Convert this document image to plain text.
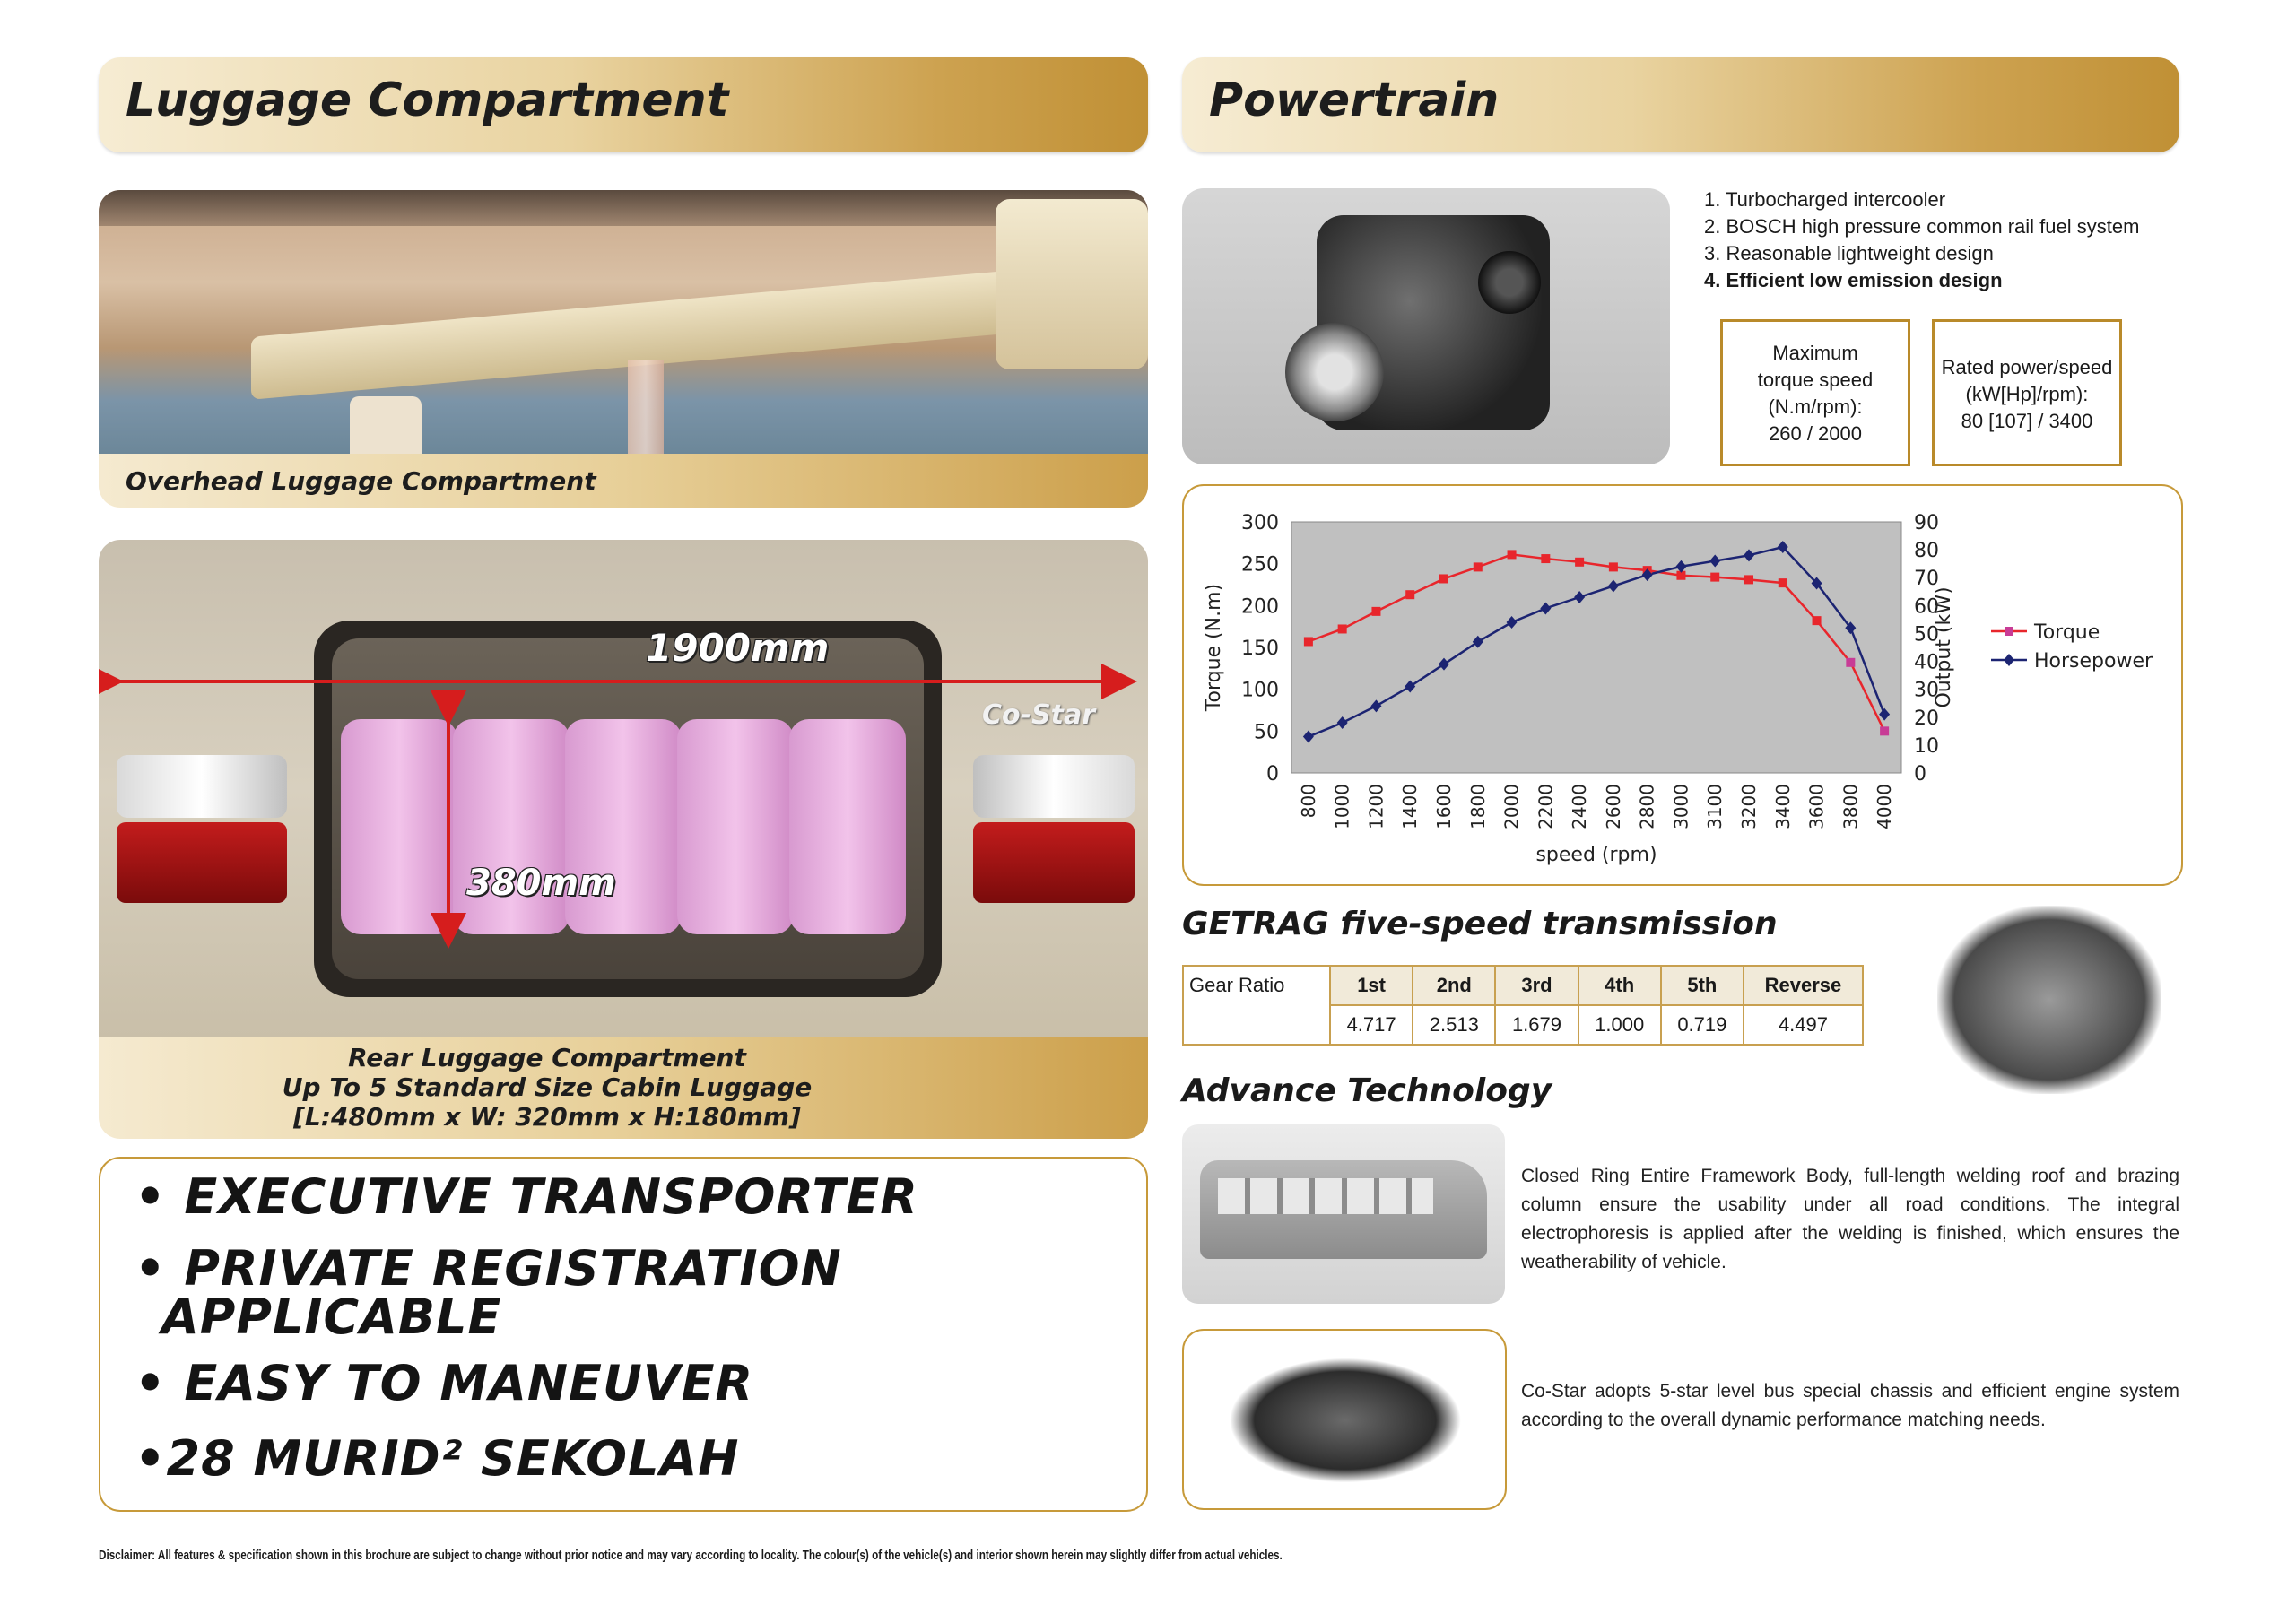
Luggage Compartment
Overhead Luggage Compartment
Co-Star
1900mm
380mm
Rear Luggage Compartment
Up To 5 Standard Size Cabin Luggage
[L:480mm x W: 320mm x H:180mm]
• EXECUTIVE TRANSPORTER
• PRIVATE REGISTRATION
APPLICABLE
• EASY TO MANEUVER
•28 MURID² SEKOLAH
Powertrain
1. Turbocharged intercooler
2. BOSCH high pressure common rail fuel system
3. Reasonable lightweight design
4. Efficient low emission design
Maximum
torque speed
(N.m/rpm):
260 / 2000
Rated power/speed
(kW[Hp]/rpm):
80 [107] / 3400
0
50
100
150
200
250
300
0
10
20
30
40
50
60
70
80
90
800 1000 1200 1400 1600 1800 2000 2200 2400 2600 2800 3000 3100 3200 3400 3600 3800 4000
speed (rpm)
Torque (N.m)	Output (kW)	Torque
Horsepower
GETRAG five-speed transmission
Gear Ratio	1st	2nd	3rd	4th	5th	Reverse
	4.717	2.513	1.679	1.000	0.719	4.497
Advance Technology
Closed Ring Entire Framework Body, full-length welding roof and brazing column ensure the usability under all road conditions. The integral electrophoresis is applied after the welding is finished, which ensures the weatherability of vehicle.
Co-Star adopts 5-star level bus special chassis and efficient engine system according to the overall dynamic performance matching needs.
Disclaimer: All features & specification shown in this brochure are subject to change without prior notice and may vary according to locality. The colour(s) of the vehicle(s) and interior shown herein may slightly differ from actual vehicles.
